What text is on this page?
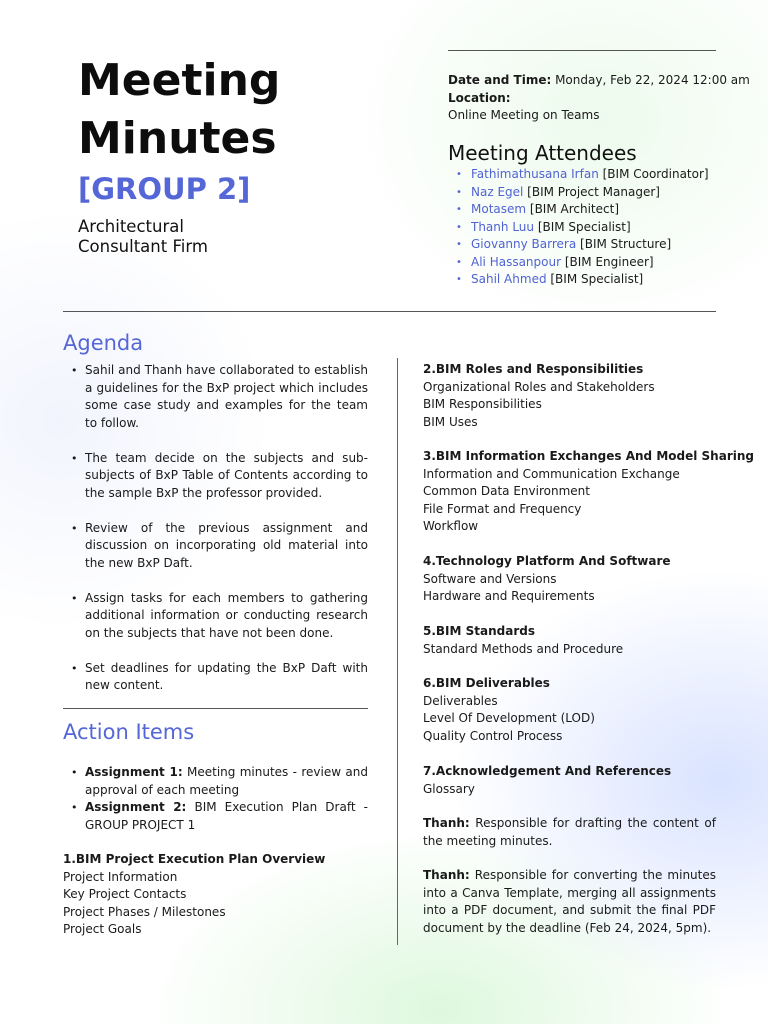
Meeting
Minutes
[GROUP 2]
Architectural
Consultant Firm
Date and Time: Monday, Feb 22, 2024 12:00 am
Location:
Online Meeting on Teams
Meeting Attendees
• Fathimathusana Irfan [BIM Coordinator]
• Naz Egel [BIM Project Manager]
• Motasem [BIM Architect]
• Thanh Luu [BIM Specialist]
• Giovanny Barrera [BIM Structure]
• Ali Hassanpour [BIM Engineer]
• Sahil Ahmed [BIM Specialist]
Agenda
• Sahil and Thanh have collaborated to establish a guidelines for the BxP project which includes some case study and examples for the team to follow.
• The team decide on the subjects and sub-subjects of BxP Table of Contents according to the sample BxP the professor provided.
• Review of the previous assignment and discussion on incorporating old material into the new BxP Daft.
• Assign tasks for each members to gathering additional information or conducting research on the subjects that have not been done.
• Set deadlines for updating the BxP Daft with new content.
Action Items
• Assignment 1: Meeting minutes - review and approval of each meeting
• Assignment 2: BIM Execution Plan Draft - GROUP PROJECT 1
1.BIM Project Execution Plan Overview
Project Information
Key Project Contacts
Project Phases / Milestones
Project Goals
2.BIM Roles and Responsibilities
Organizational Roles and Stakeholders
BIM Responsibilities
BIM Uses
3.BIM Information Exchanges And Model Sharing
Information and Communication Exchange
Common Data Environment
File Format and Frequency
Workflow
4.Technology Platform And Software
Software and Versions
Hardware and Requirements
5.BIM Standards
Standard Methods and Procedure
6.BIM Deliverables
Deliverables
Level Of Development (LOD)
Quality Control Process
7.Acknowledgement And References
Glossary
Thanh: Responsible for drafting the content of the meeting minutes.
Thanh: Responsible for converting the minutes into a Canva Template, merging all assignments into a PDF document, and submit the final PDF document by the deadline (Feb 24, 2024, 5pm).
